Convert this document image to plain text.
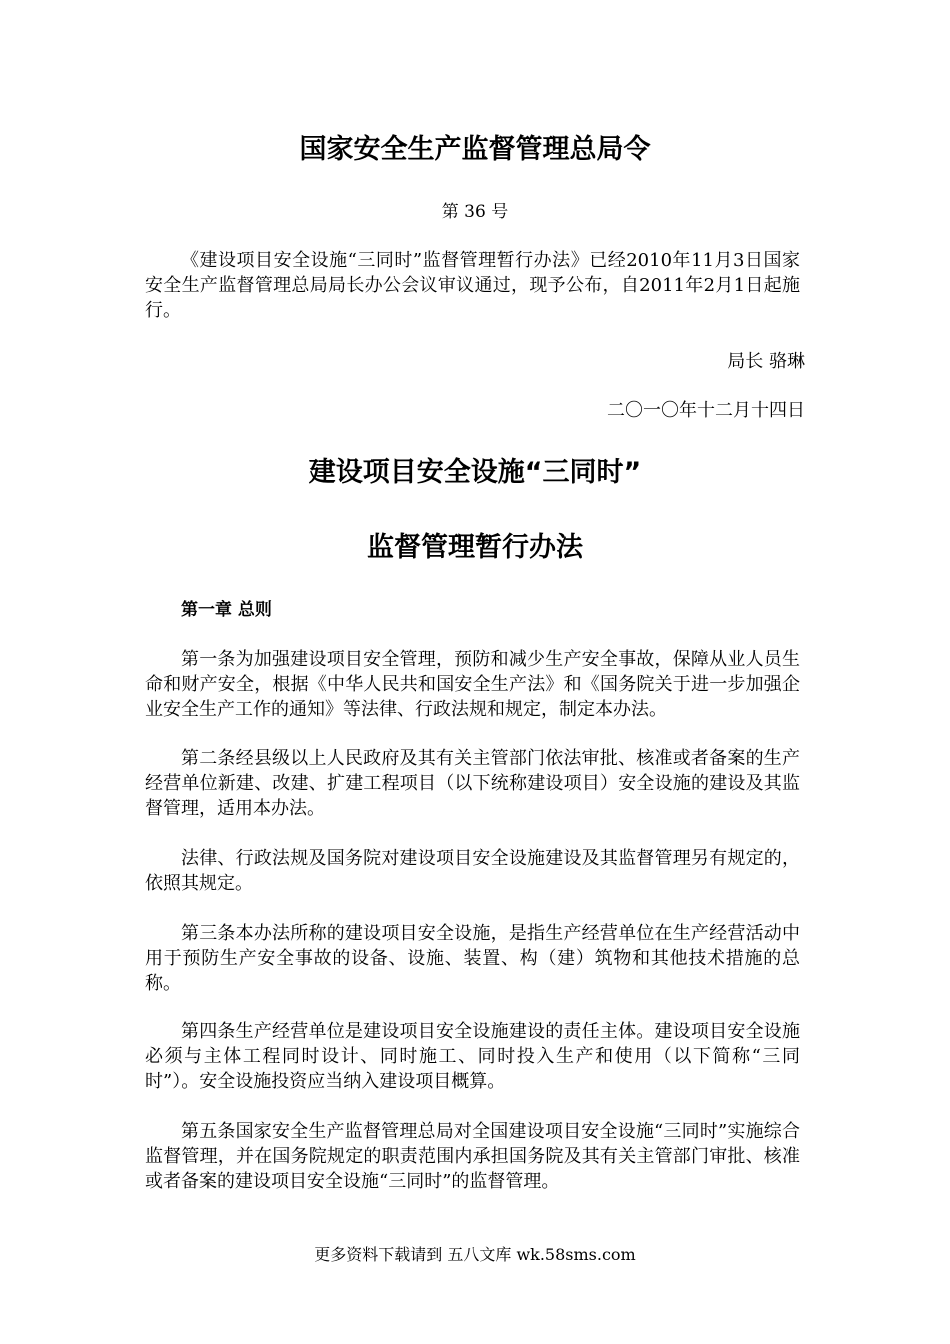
国家安全生产监督管理总局令
第 36 号
《建设项目安全设施“三同时”监督管理暂行办法》已经2010年11月3日国家安全生产监督管理总局局长办公会议审议通过，现予公布，自2011年2月1日起施行。
局长 骆琳
二〇一〇年十二月十四日
建设项目安全设施“三同时”
监督管理暂行办法
第一章 总则
第一条为加强建设项目安全管理，预防和减少生产安全事故，保障从业人员生命和财产安全，根据《中华人民共和国安全生产法》和《国务院关于进一步加强企业安全生产工作的通知》等法律、行政法规和规定，制定本办法。
第二条经县级以上人民政府及其有关主管部门依法审批、核准或者备案的生产经营单位新建、改建、扩建工程项目（以下统称建设项目）安全设施的建设及其监督管理，适用本办法。
法律、行政法规及国务院对建设项目安全设施建设及其监督管理另有规定的，依照其规定。
第三条本办法所称的建设项目安全设施，是指生产经营单位在生产经营活动中用于预防生产安全事故的设备、设施、装置、构（建）筑物和其他技术措施的总称。
第四条生产经营单位是建设项目安全设施建设的责任主体。建设项目安全设施必须与主体工程同时设计、同时施工、同时投入生产和使用（以下简称“三同时”）。安全设施投资应当纳入建设项目概算。
第五条国家安全生产监督管理总局对全国建设项目安全设施“三同时”实施综合监督管理，并在国务院规定的职责范围内承担国务院及其有关主管部门审批、核准或者备案的建设项目安全设施“三同时”的监督管理。
更多资料下载请到 五八文库 wk.58sms.com
